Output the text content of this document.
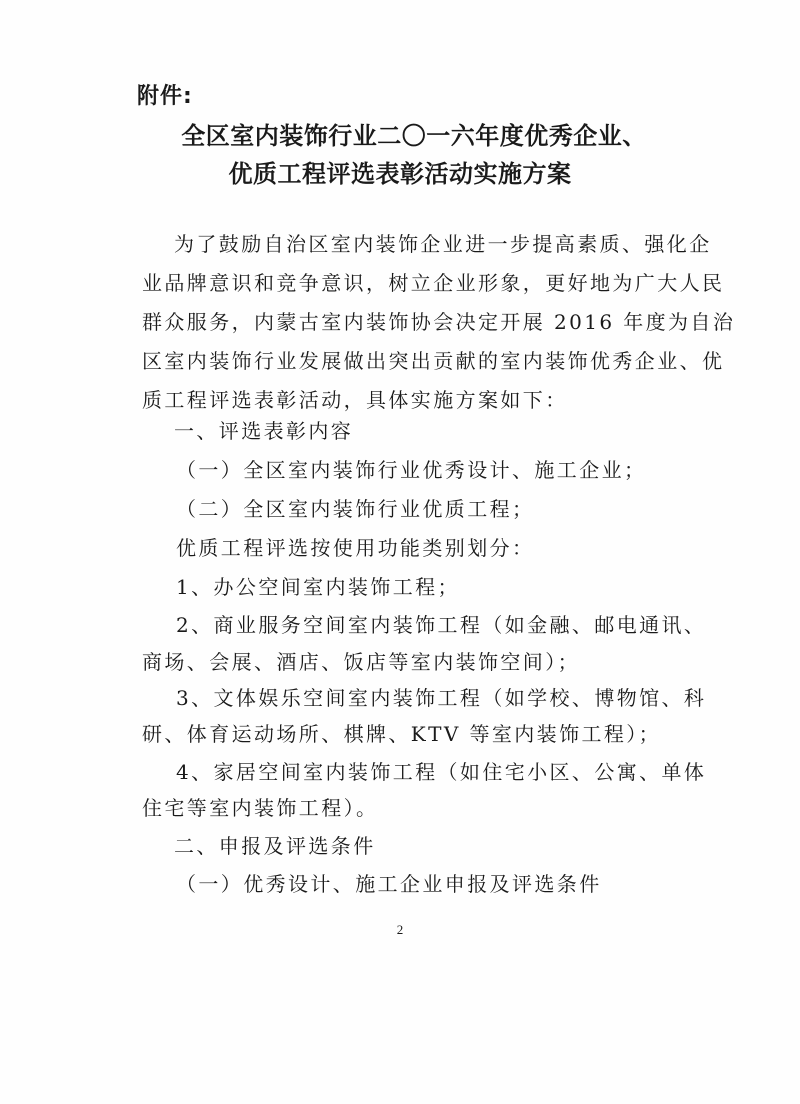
附件:
全区室内装饰行业二〇一六年度优秀企业、
优质工程评选表彰活动实施方案
为了鼓励自治区室内装饰企业进一步提高素质、强化企
业品牌意识和竞争意识，树立企业形象，更好地为广大人民
群众服务，内蒙古室内装饰协会决定开展 2016 年度为自治
区室内装饰行业发展做出突出贡献的室内装饰优秀企业、优
质工程评选表彰活动，具体实施方案如下：
一、评选表彰内容
（一）全区室内装饰行业优秀设计、施工企业；
（二）全区室内装饰行业优质工程；
优质工程评选按使用功能类别划分：
1、办公空间室内装饰工程；
2、商业服务空间室内装饰工程（如金融、邮电通讯、
商场、会展、酒店、饭店等室内装饰空间）；
3、文体娱乐空间室内装饰工程（如学校、博物馆、科
研、体育运动场所、棋牌、KTV 等室内装饰工程）；
4、家居空间室内装饰工程（如住宅小区、公寓、单体
住宅等室内装饰工程）。
二、申报及评选条件
（一）优秀设计、施工企业申报及评选条件
2
